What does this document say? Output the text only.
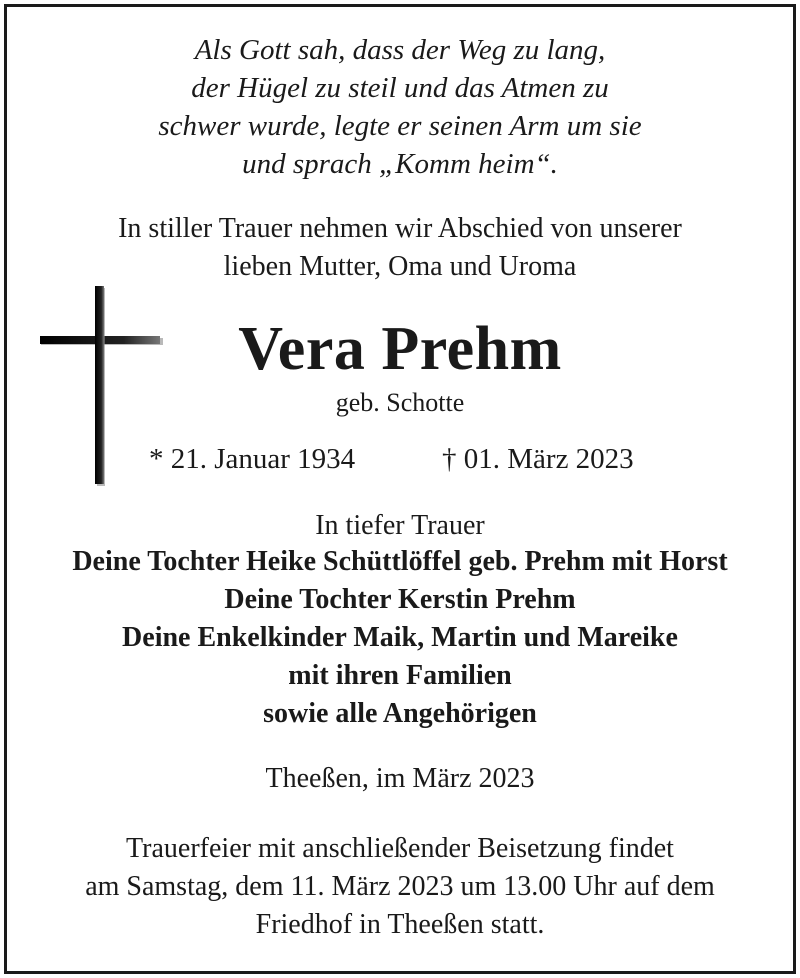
Als Gott sah, dass der Weg zu lang,
der Hügel zu steil und das Atmen zu
schwer wurde, legte er seinen Arm um sie
und sprach „Komm heim“.
In stiller Trauer nehmen wir Abschied von unserer
lieben Mutter, Oma und Uroma
Vera Prehm
geb. Schotte
* 21. Januar 1934	† 01. März 2023
In tiefer Trauer
Deine Tochter Heike Schüttlöffel geb. Prehm mit Horst
Deine Tochter Kerstin Prehm
Deine Enkelkinder Maik, Martin und Mareike
mit ihren Familien
sowie alle Angehörigen
Theeßen, im März 2023
Trauerfeier mit anschließender Beisetzung findet
am Samstag, dem 11. März 2023 um 13.00 Uhr auf dem
Friedhof in Theeßen statt.
